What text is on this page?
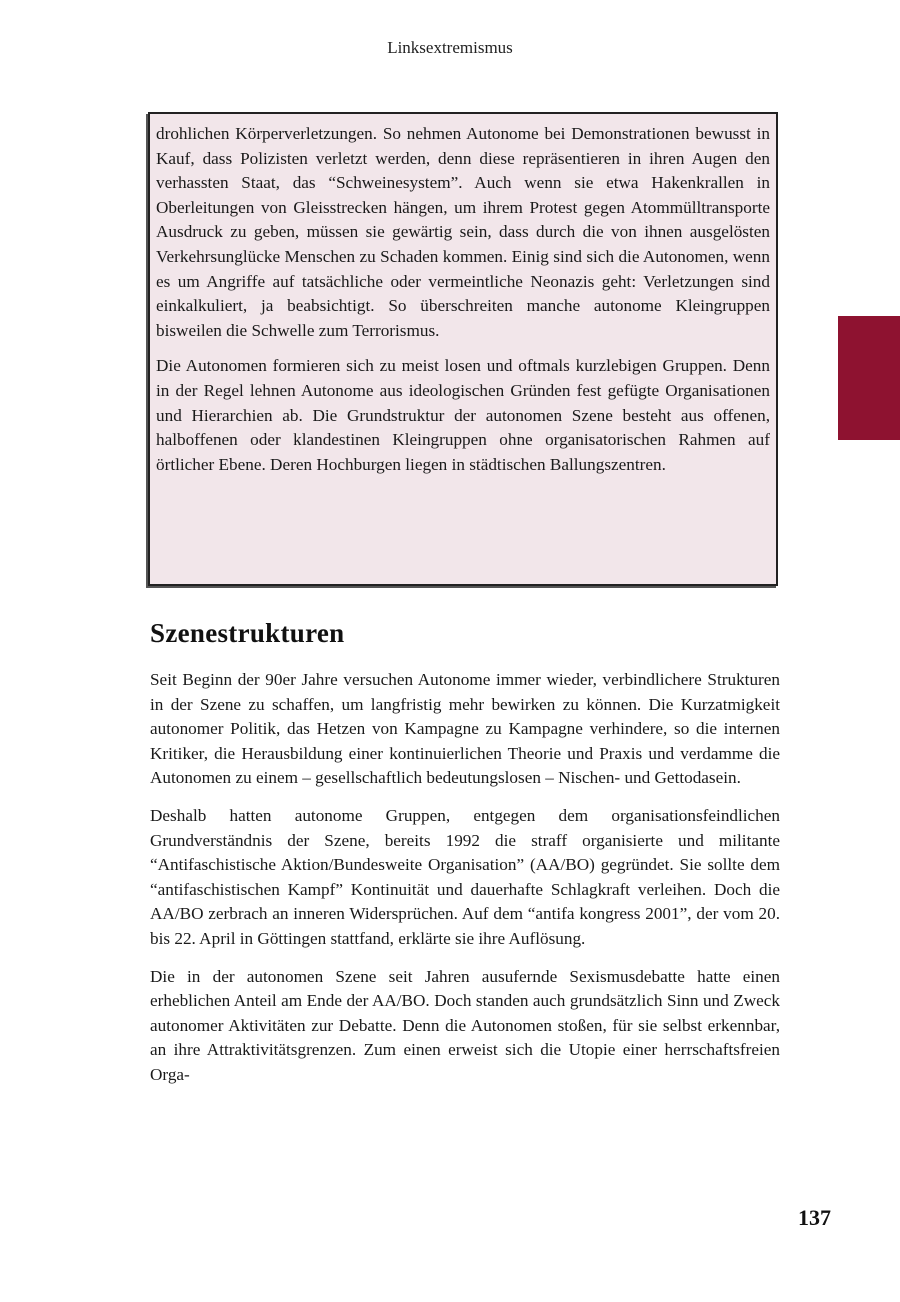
Linksextremismus

drohlichen Körperverletzungen. So nehmen Autonome bei Demonstrationen bewusst in Kauf, dass Polizisten verletzt werden, denn diese repräsentieren in ihren Augen den verhassten Staat, das “Schweinesystem”. Auch wenn sie etwa Hakenkrallen in Oberleitungen von Gleisstrecken hängen, um ihrem Protest gegen Atommülltransporte Ausdruck zu geben, müssen sie gewärtig sein, dass durch die von ihnen ausgelösten Verkehrsunglücke Menschen zu Schaden kommen. Einig sind sich die Autonomen, wenn es um Angriffe auf tatsächliche oder vermeintliche Neonazis geht: Verletzungen sind einkalkuliert, ja beabsichtigt. So überschreiten manche autonome Kleingruppen bisweilen die Schwelle zum Terrorismus.

Die Autonomen formieren sich zu meist losen und oftmals kurzlebigen Gruppen. Denn in der Regel lehnen Autonome aus ideologischen Gründen fest gefügte Organisationen und Hierarchien ab. Die Grundstruktur der autonomen Szene besteht aus offenen, halboffenen oder klandestinen Kleingruppen ohne organisatorischen Rahmen auf örtlicher Ebene. Deren Hochburgen liegen in städtischen Ballungszentren.

Szenestrukturen

Seit Beginn der 90er Jahre versuchen Autonome immer wieder, verbindlichere Strukturen in der Szene zu schaffen, um langfristig mehr bewirken zu können. Die Kurzatmigkeit autonomer Politik, das Hetzen von Kampagne zu Kampagne verhindere, so die internen Kritiker, die Herausbildung einer kontinuierlichen Theorie und Praxis und verdamme die Autonomen zu einem – gesellschaftlich bedeutungslosen – Nischen- und Gettodasein.

Deshalb hatten autonome Gruppen, entgegen dem organisationsfeindlichen Grundverständnis der Szene, bereits 1992 die straff organisierte und militante “Antifaschistische Aktion/Bundesweite Organisation” (AA/BO) gegründet. Sie sollte dem “antifaschistischen Kampf” Kontinuität und dauerhafte Schlagkraft verleihen. Doch die AA/BO zerbrach an inneren Widersprüchen. Auf dem “antifa kongress 2001”, der vom 20. bis 22. April in Göttingen stattfand, erklärte sie ihre Auflösung.

Die in der autonomen Szene seit Jahren ausufernde Sexismusdebatte hatte einen erheblichen Anteil am Ende der AA/BO. Doch standen auch grundsätzlich Sinn und Zweck autonomer Aktivitäten zur Debatte. Denn die Autonomen stoßen, für sie selbst erkennbar, an ihre Attraktivitätsgrenzen. Zum einen erweist sich die Utopie einer herrschaftsfreien Orga-

137
